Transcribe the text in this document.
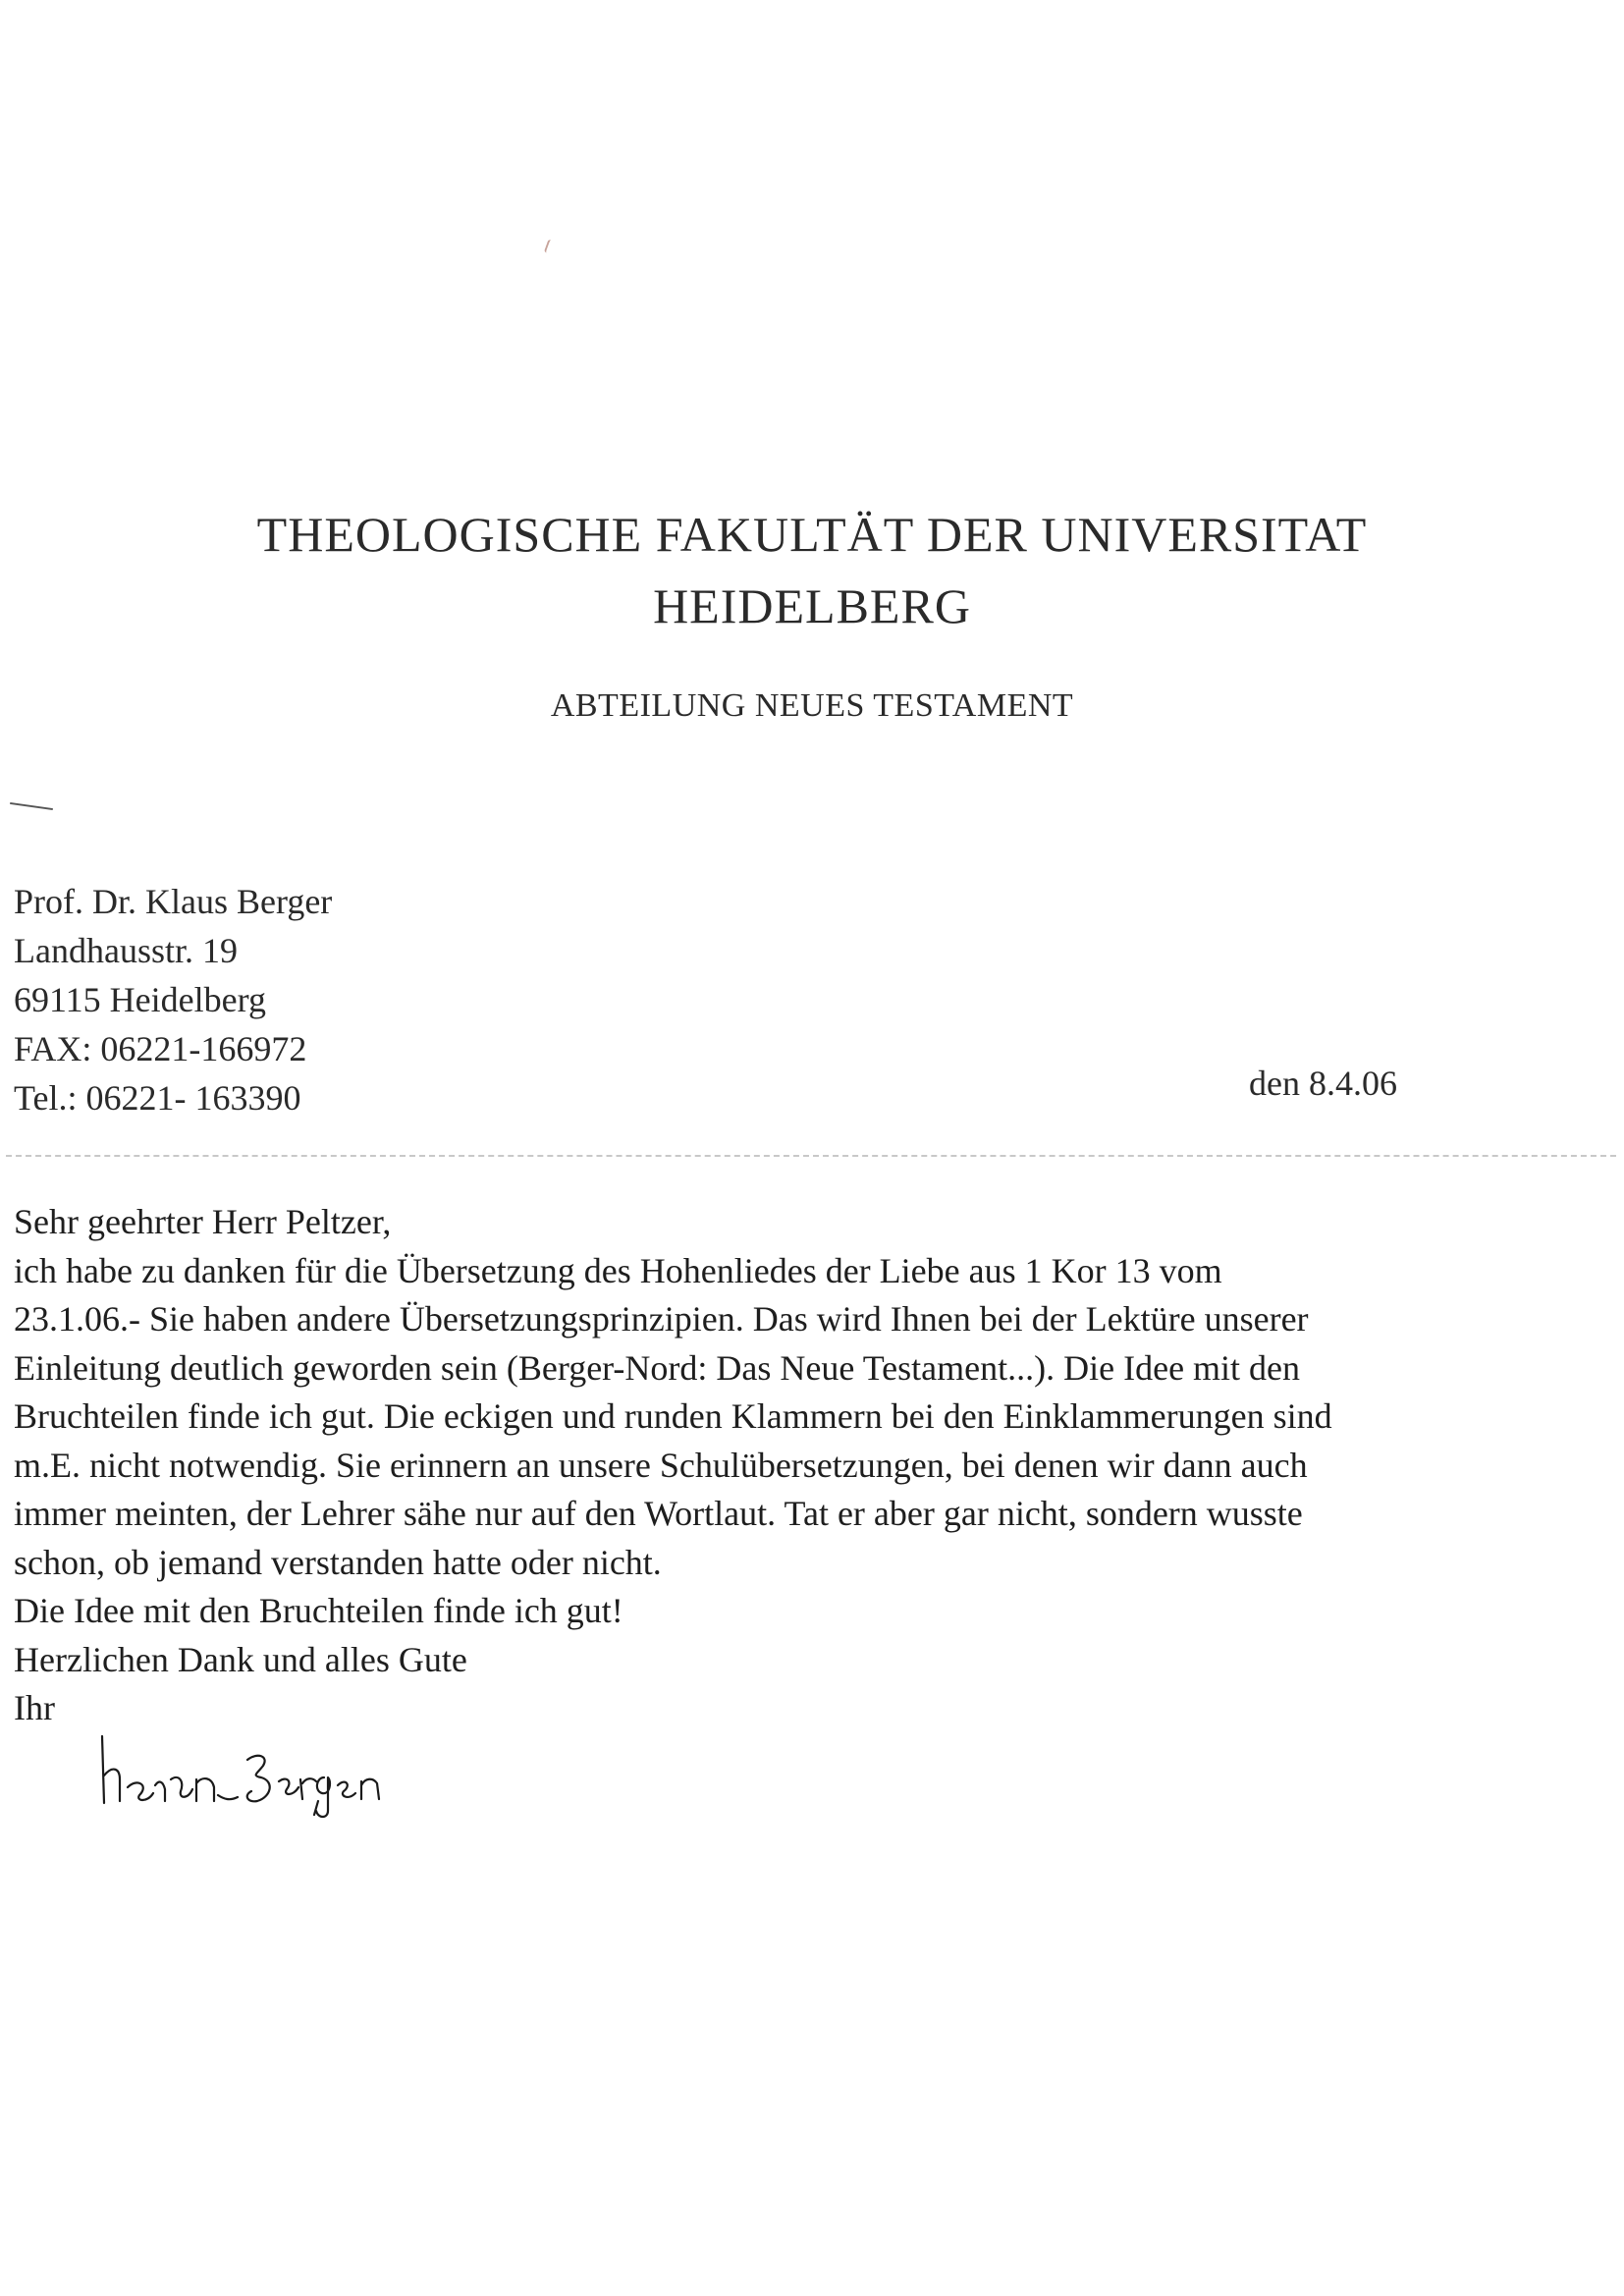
THEOLOGISCHE FAKULTÄT DER UNIVERSITAT
HEIDELBERG
ABTEILUNG NEUES TESTAMENT
Prof. Dr. Klaus Berger
Landhausstr. 19
69115 Heidelberg
FAX: 06221-166972
Tel.: 06221- 163390	den 8.4.06
Sehr geehrter Herr Peltzer,
ich habe zu danken für die Übersetzung des Hohenliedes der Liebe aus 1 Kor 13 vom
23.1.06.- Sie haben andere Übersetzungsprinzipien. Das wird Ihnen bei der Lektüre unserer
Einleitung deutlich geworden sein (Berger-Nord: Das Neue Testament...). Die Idee mit den
Bruchteilen finde ich gut. Die eckigen und runden Klammern bei den Einklammerungen sind
m.E. nicht notwendig. Sie erinnern an unsere Schulübersetzungen, bei denen wir dann auch
immer meinten, der Lehrer sähe nur auf den Wortlaut. Tat er aber gar nicht, sondern wusste
schon, ob jemand verstanden hatte oder nicht.
Die Idee mit den Bruchteilen finde ich gut!
Herzlichen Dank und alles Gute
Ihr
